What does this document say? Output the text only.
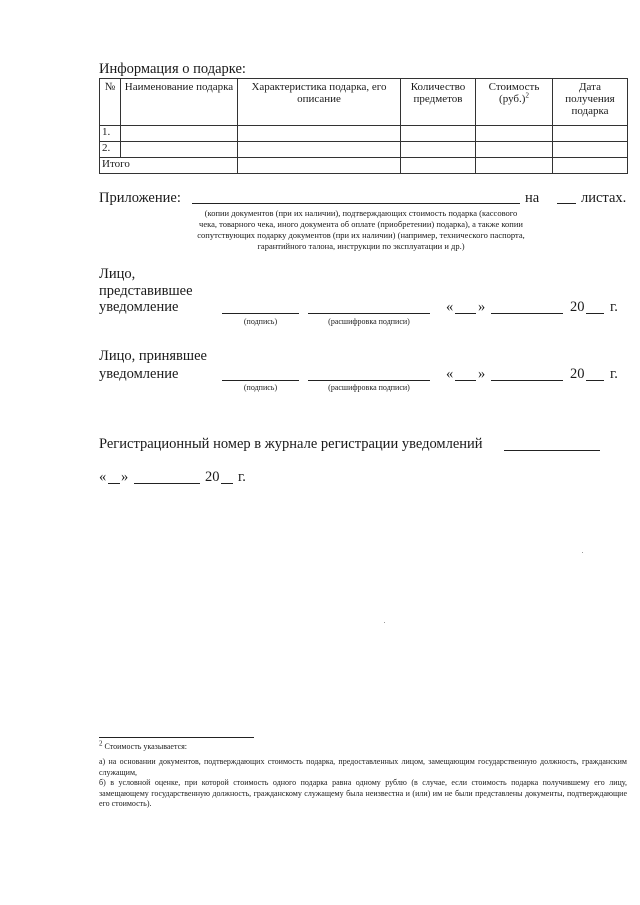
Информация о подарке:
№	Наименование подарка	Характеристика подарка, его описание	Количество предметов	Стоимость $(руб.)^2$	Дата получения подарка
1.					
2.					
Итого					
Приложение:	на	листах.
(копии документов (при их наличии), подтверждающих стоимость подарка (кассового чека, товарного чека, иного документа об оплате (приобретении) подарка), а также копии сопутствующих подарку документов (при их наличии) (например, технического паспорта, гарантийного талона, инструкции по эксплуатации и др.)
Лицо,
представившее
уведомление
(подпись)	(расшифровка подписи)
« »	20 г.
Лицо, принявшее
уведомление
(подпись)	(расшифровка подписи)
« »	20 г.
Регистрационный номер в журнале регистрации уведомлений
« »	20 г.
$^2$ Стоимость указывается:
а) на основании документов, подтверждающих стоимость подарка, предоставленных лицом, замещающим государственную должность, гражданским служащим,
б) в условной оценке, при которой стоимость одного подарка равна одному рублю (в случае, если стоимость подарка получившему его лицу, замещающему государственную должность, гражданскому служащему была неизвестна и (или) им не были представлены документы, подтверждающие его стоимость).
